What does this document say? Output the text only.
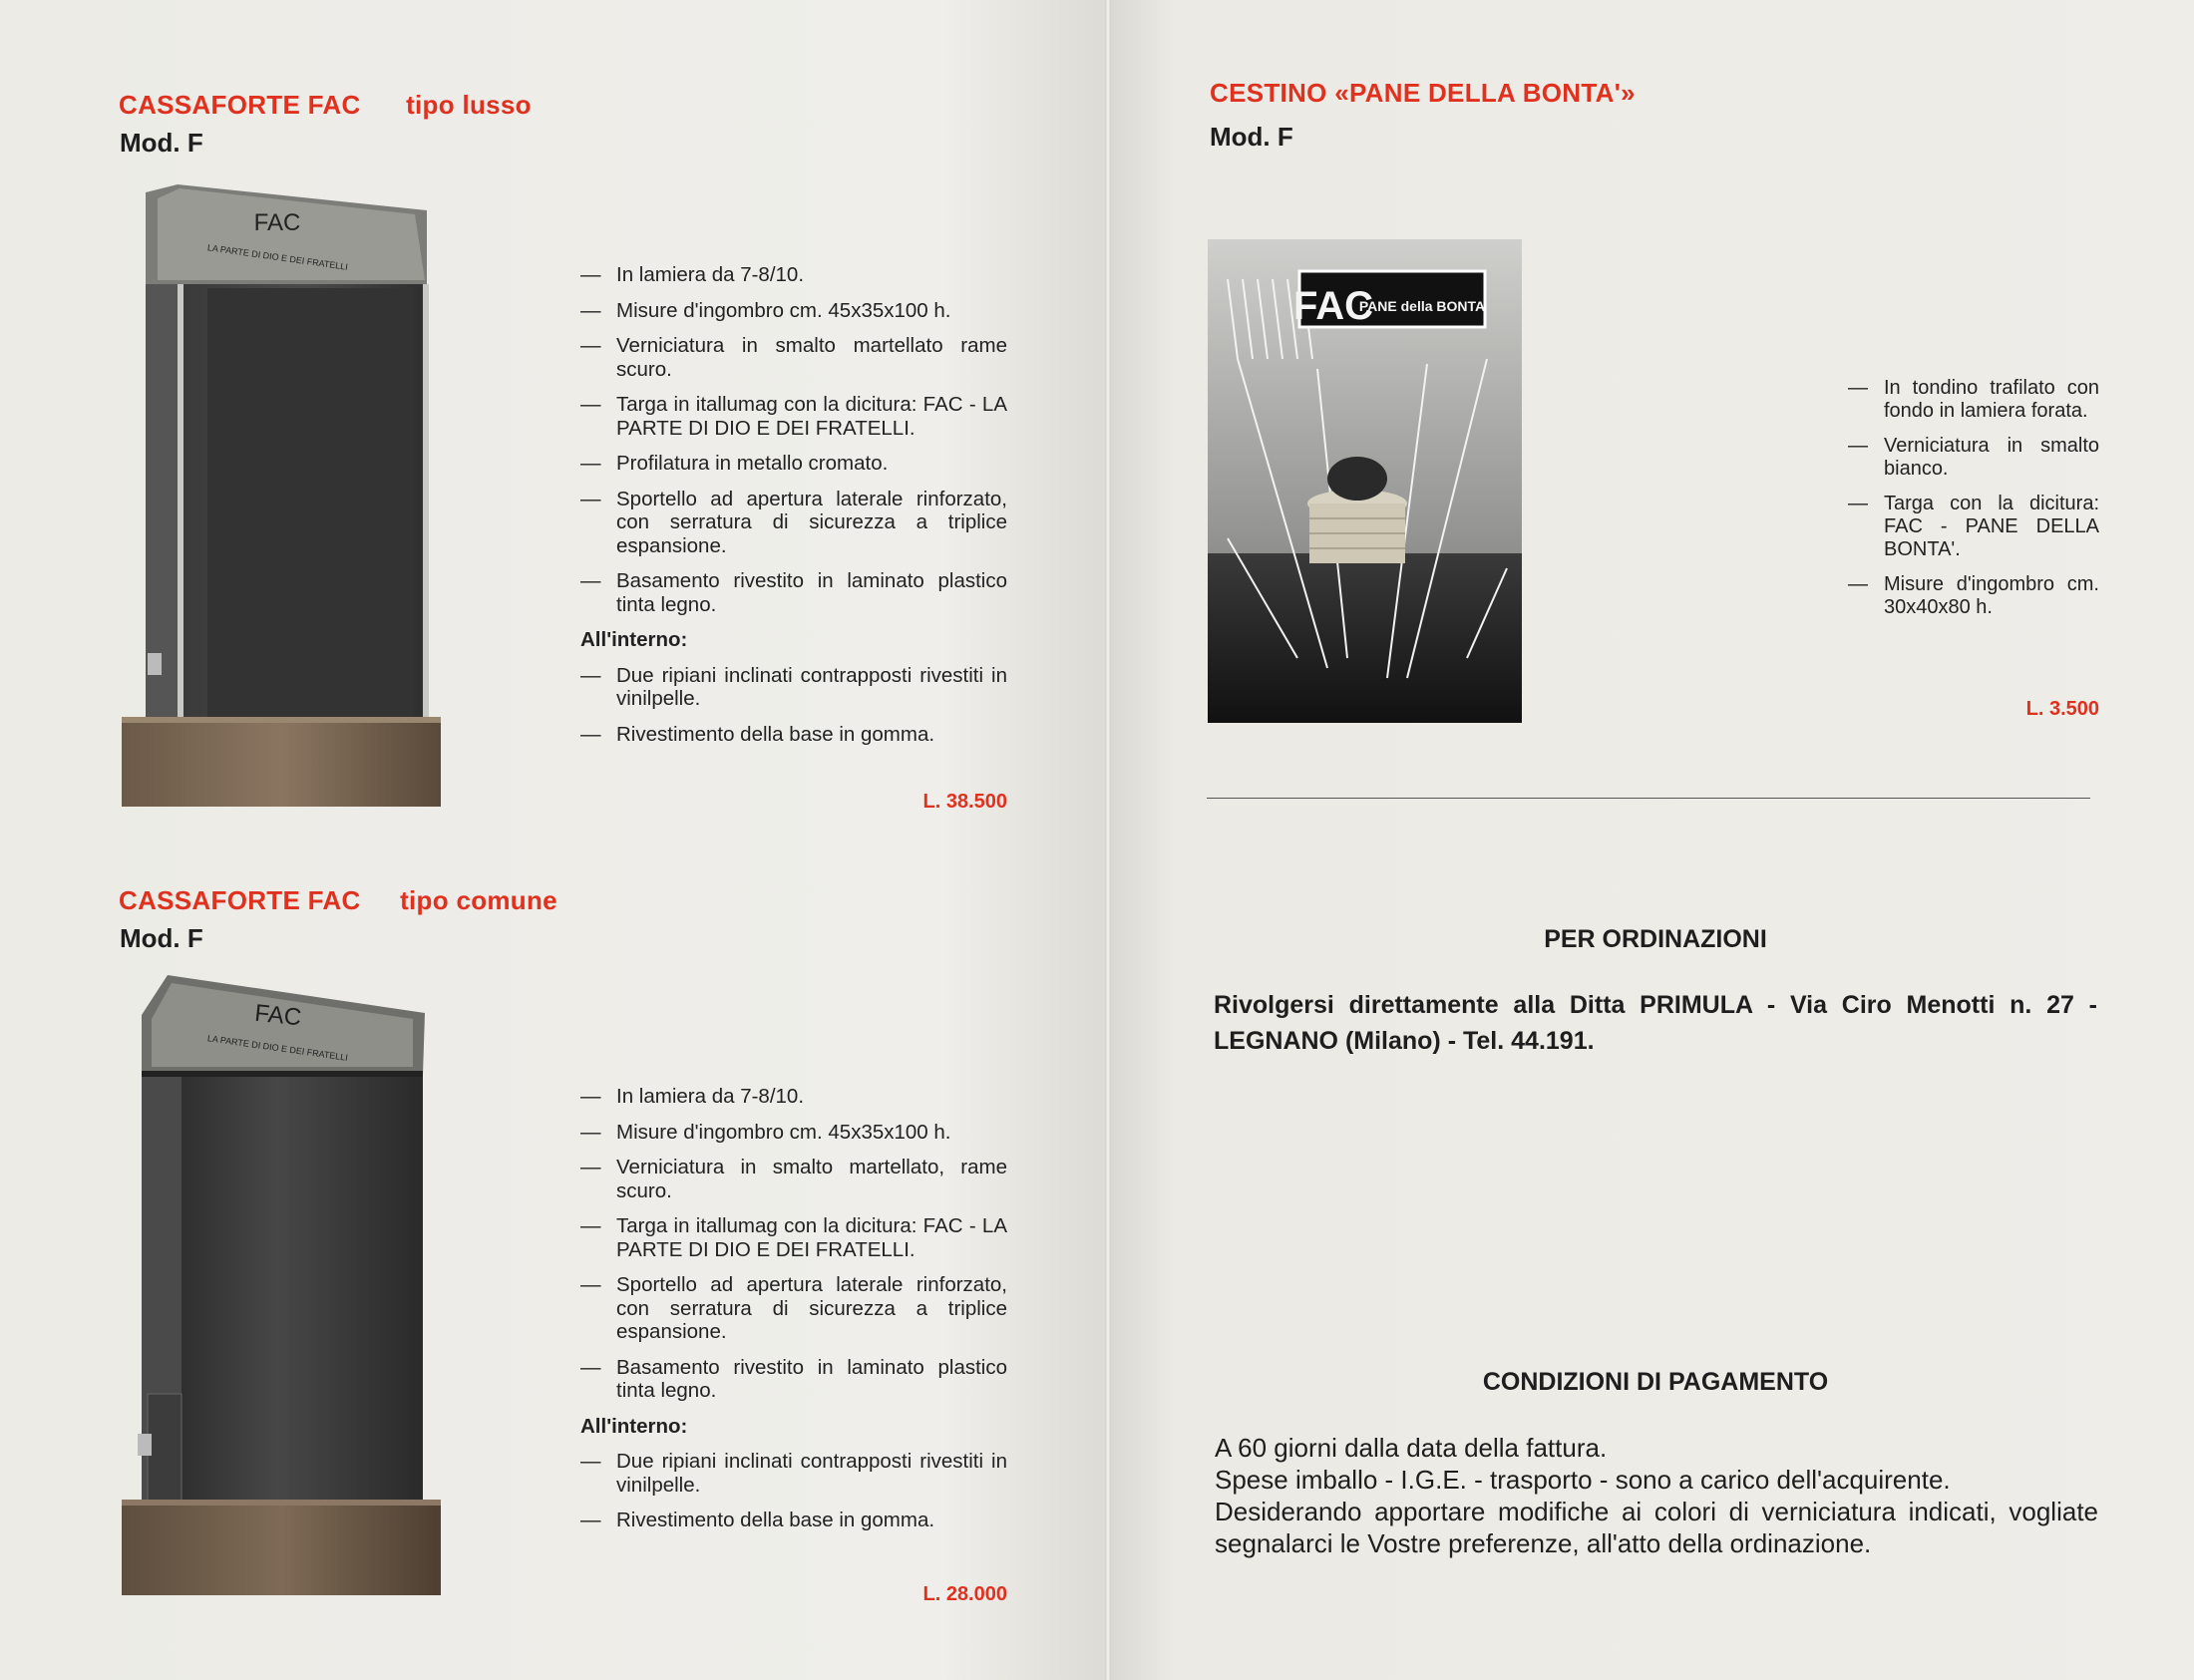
CASSAFORTE FAC tipo lusso
Mod. F
FAC
LA PARTE DI DIO E DEI FRATELLI
— In lamiera da 7-8/10.
— Misure d'ingombro cm. 45x35x100 h.
— Verniciatura in smalto martellato rame scuro.
— Targa in itallumag con la dicitura: FAC - LA PARTE DI DIO E DEI FRATELLI.
— Profilatura in metallo cromato.
— Sportello ad apertura laterale rinforzato, con serratura di sicurezza a triplice espansione.
— Basamento rivestito in laminato plastico tinta legno.
All'interno:
— Due ripiani inclinati contrapposti rivestiti in vinilpelle.
— Rivestimento della base in gomma.
L. 38.500
CASSAFORTE FAC tipo comune
Mod. F
FAC
LA PARTE DI DIO E DEI FRATELLI
— In lamiera da 7-8/10.
— Misure d'ingombro cm. 45x35x100 h.
— Verniciatura in smalto martellato, rame scuro.
— Targa in itallumag con la dicitura: FAC - LA PARTE DI DIO E DEI FRATELLI.
— Sportello ad apertura laterale rinforzato, con serratura di sicurezza a triplice espansione.
— Basamento rivestito in laminato plastico tinta legno.
All'interno:
— Due ripiani inclinati contrapposti rivestiti in vinilpelle.
— Rivestimento della base in gomma.
L. 28.000
CESTINO «PANE DELLA BONTA'»
Mod. F
FAC
PANE della BONTA
— In tondino trafilato con fondo in lamiera forata.
— Verniciatura in smalto bianco.
— Targa con la dicitura: FAC - PANE DELLA BONTA'.
— Misure d'ingombro cm. 30x40x80 h.
L. 3.500
PER ORDINAZIONI
Rivolgersi direttamente alla Ditta PRIMULA - Via Ciro Menotti n. 27 - LEGNANO (Milano) - Tel. 44.191.
CONDIZIONI DI PAGAMENTO

A 60 giorni dalla data della fattura.

Spese imballo - I.G.E. - trasporto - sono a carico dell'acquirente.

Desiderando apportare modifiche ai colori di verniciatura indicati, vogliate segnalarci le Vostre preferenze, all'atto della ordinazione.
